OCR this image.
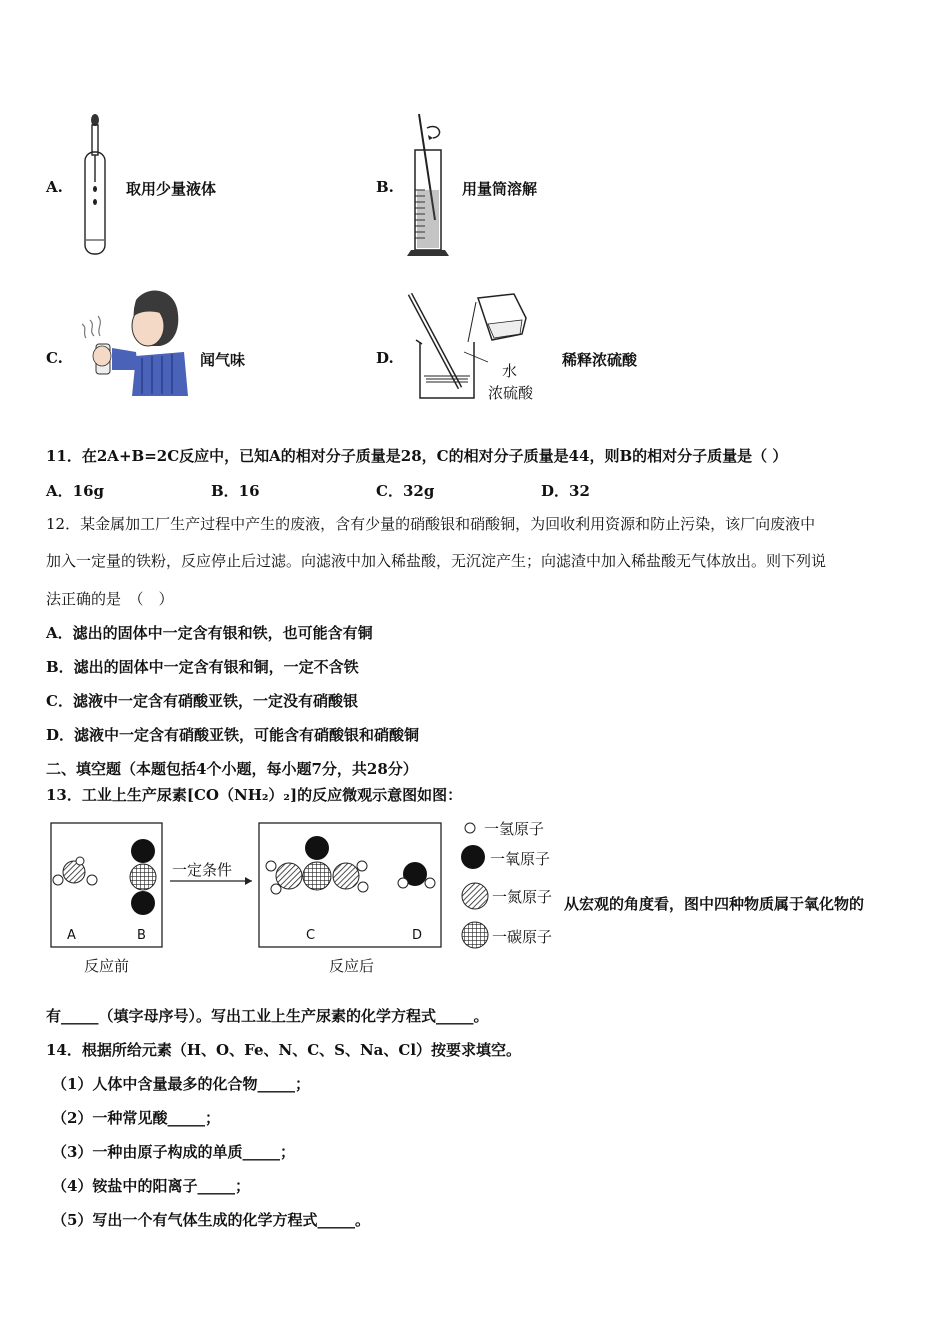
A.	取用少量液体	B.	用量筒溶解
C.	闻气味	D.
水
浓硫酸
稀释浓硫酸
11．在2A+B=2C反应中，已知A的相对分子质量是28，C的相对分子质量是44，则B的相对分子质量是（ ）
A．16g	B．16	C．32g	D．32
12．某金属加工厂生产过程中产生的废液，含有少量的硝酸银和硝酸铜，为回收利用资源和防止污染，该厂向废液中
加入一定量的铁粉，反应停止后过滤。向滤液中加入稀盐酸，无沉淀产生；向滤渣中加入稀盐酸无气体放出。则下列说
法正确的是　（　）
A．滤出的固体中一定含有银和铁，也可能含有铜
B．滤出的固体中一定含有银和铜，一定不含铁
C．滤液中一定含有硝酸亚铁，一定没有硝酸银
D．滤液中一定含有硝酸亚铁，可能含有硝酸银和硝酸铜
二、填空题（本题包括4个小题，每小题7分，共28分）
13．工业上生产尿素[CO（NH₂）₂]的反应微观示意图如图：
A	B	C	D
反应前	反应后
一定条件
一氢原子
一氧原子
一氮原子
一碳原子
从宏观的角度看，图中四种物质属于氧化物的
有_____（填字母序号）。写出工业上生产尿素的化学方程式_____。
14．根据所给元素（H、O、Fe、N、C、S、Na、Cl）按要求填空。
（1）人体中含量最多的化合物_____；
（2）一种常见酸_____；
（3）一种由原子构成的单质_____；
（4）铵盐中的阳离子_____；
（5）写出一个有气体生成的化学方程式_____。
